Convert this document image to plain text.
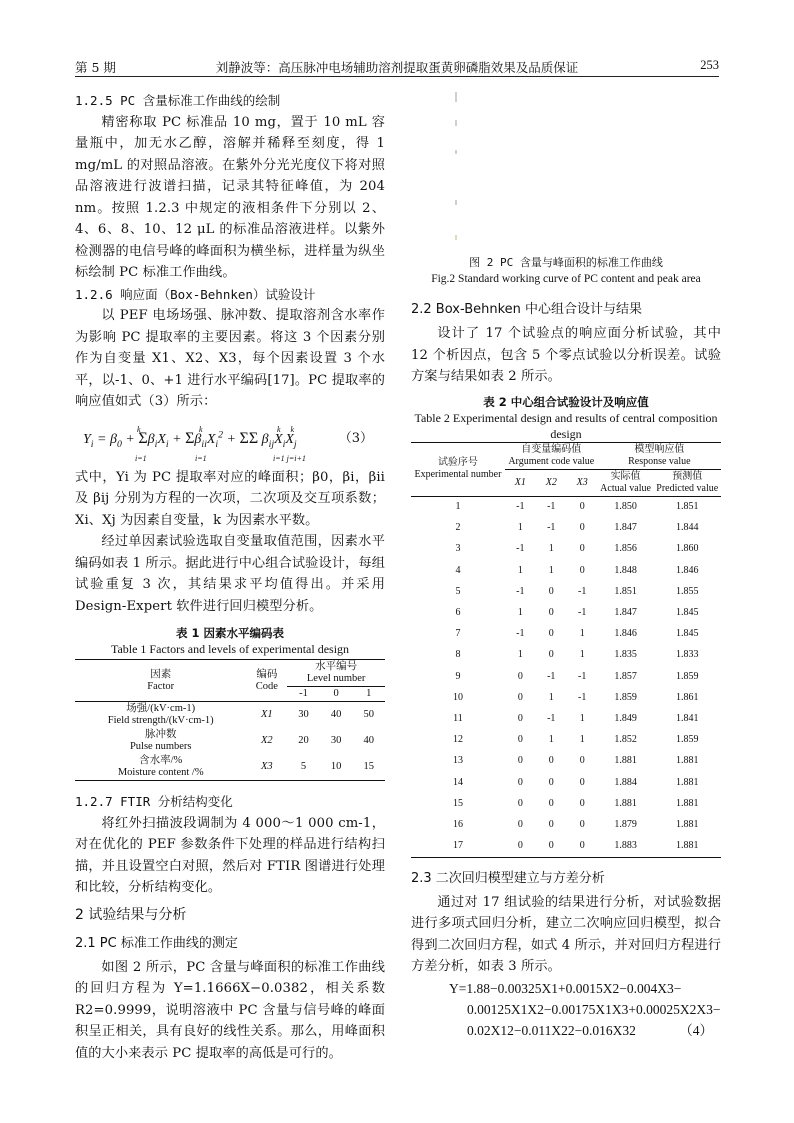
第 5 期	刘静波等：高压脉冲电场辅助溶剂提取蛋黄卵磷脂效果及品质保证	253
1.2.5 PC 含量标准工作曲线的绘制

精密称取 PC 标准品 10 mg，置于 10 mL 容量瓶中，加无水乙醇，溶解并稀释至刻度，得 1 mg/mL 的对照品溶液。在紫外分光光度仪下将对照品溶液进行波谱扫描，记录其特征峰值，为 204 nm。按照 1.2.3 中规定的液相条件下分别以 2、4、6、8、10、12 μL 的标准品溶液进样。以紫外检测器的电信号峰的峰面积为横坐标，进样量为纵坐标绘制 PC 标准工作曲线。

1.2.6 响应面（Box-Behnken）试验设计

以 PEF 电场场强、脉冲数、提取溶剂含水率作为影响 PC 提取率的主要因素。将这 3 个因素分别作为自变量 X1、X2、X3，每个因素设置 3 个水平，以-1、0、+1 进行水平编码[17]。PC 提取率的响应值如式（3）所示：

$Y_i = \beta_0 + \Sigma\beta_iX_i + \Sigma\beta_{ii}X_i^2 + \Sigma\Sigma$ $\beta_{ij}X_iX_j$
k
i=1
k
i=1
k     k
i=1 j=i+1
（3）

式中，Yi 为 PC 提取率对应的峰面积；β0，βi，βii 及 βij 分别为方程的一次项，二次项及交互项系数；Xi、Xj 为因素自变量，k 为因素水平数。

经过单因素试验选取自变量取值范围，因素水平编码如表 1 所示。据此进行中心组合试验设计，每组试验重复 3 次，其结果求平均值得出。并采用 Design-Expert 软件进行回归模型分析。

表 1 因素水平编码表
Table 1 Factors and levels of experimental design
因素
Factor	编码
Code	水平编号
Level number		
		-1	0	1
场强/(kV·cm-1)
Field strength/(kV·cm-1)	X1	30	40	50
脉冲数
Pulse numbers	X2	20	30	40
含水率/%
Moisture content /%	X3	5	10	15
1.2.7 FTIR 分析结构变化

将红外扫描波段调制为 4 000～1 000 cm-1，对在优化的 PEF 参数条件下处理的样品进行结构扫描，并且设置空白对照，然后对 FTIR 图谱进行处理和比较，分析结构变化。

2 试验结果与分析
2.1 PC 标准工作曲线的测定

如图 2 所示，PC 含量与峰面积的标准工作曲线的回归方程为 Y=1.1666X−0.0382，相关系数 R2=0.9999，说明溶液中 PC 含量与信号峰的峰面积呈正相关，具有良好的线性关系。那么，用峰面积值的大小来表示 PC 提取率的高低是可行的。

图 2 PC 含量与峰面积的标准工作曲线
Fig.2 Standard working curve of PC content and peak area
2.2 Box-Behnken 中心组合设计与结果

设计了 17 个试验点的响应面分析试验，其中 12 个析因点，包含 5 个零点试验以分析误差。试验方案与结果如表 2 所示。

表 2 中心组合试验设计及响应值
Table 2 Experimental design and results of central composition design
试验序号
Experimental number	自变量编码值
Argument code value			模型响应值
Response value	
	X1	X2	X3	实际值
Actual value	预测值
Predicted value
1	-1	-1	0	1.850	1.851
2	1	-1	0	1.847	1.844
3	-1	1	0	1.856	1.860
4	1	1	0	1.848	1.846
5	-1	0	-1	1.851	1.855
6	1	0	-1	1.847	1.845
7	-1	0	1	1.846	1.845
8	1	0	1	1.835	1.833
9	0	-1	-1	1.857	1.859
10	0	1	-1	1.859	1.861
11	0	-1	1	1.849	1.841
12	0	1	1	1.852	1.859
13	0	0	0	1.881	1.881
14	0	0	0	1.884	1.881
15	0	0	0	1.881	1.881
16	0	0	0	1.879	1.881
17	0	0	0	1.883	1.881
2.3 二次回归模型建立与方差分析

通过对 17 组试验的结果进行分析，对试验数据进行多项式回归分析，建立二次响应回归模型，拟合得到二次回归方程，如式 4 所示，并对回归方程进行方差分析，如表 3 所示。

Y=1.88−0.00325X1+0.0015X2−0.004X3−
0.00125X1X2−0.00175X1X3+0.00025X2X3−
0.02X12−0.011X22−0.016X32	（4）
